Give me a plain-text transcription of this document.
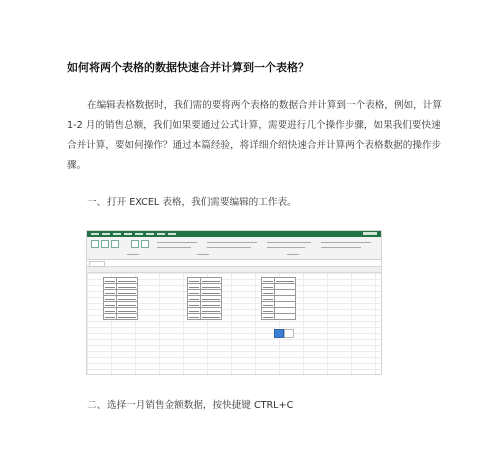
如何将两个表格的数据快速合并计算到一个表格？
在编辑表格数据时，我们需的要将两个表格的数据合并计算到一个表格，例如，计算1-2 月的销售总额，我们如果要通过公式计算，需要进行几个操作步骤，如果我们要快速合并计算，要如何操作？通过本篇经验，将详细介绍快速合并计算两个表格数据的操作步骤。
一、打开 EXCEL 表格，我们需要编辑的工作表。

二、选择一月销售金额数据，按快捷键 CTRL+C
